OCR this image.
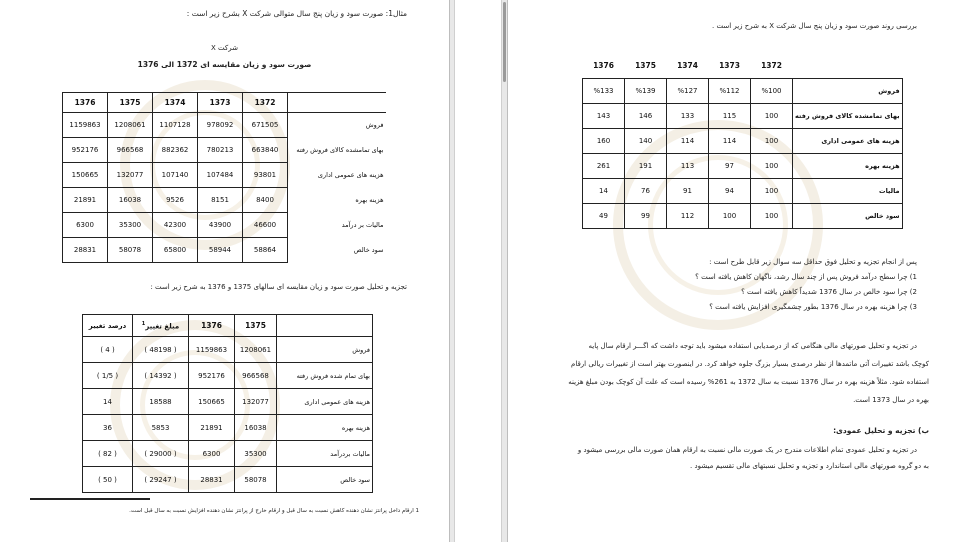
مثال1: صورت سود و زیان پنج سال متوالی شرکت X بشرح زیر است :
شرکت X
صورت سود و زیان مقایسه ای 1372 الی 1376
1376	1375	1374	1373	1372	
1159863	1208061	1107128	978092	671505	فروش
952176	966568	882362	780213	663840	بهای تمامشده کالای فروش رفته
150665	132077	107140	107484	93801	هزینه های عمومی اداری
21891	16038	9526	8151	8400	هزینه بهره
6300	35300	42300	43900	46600	مالیات بر درآمد
28831	58078	65800	58944	58864	سود خالص
تجزیه و تحلیل صورت سود و زیان مقایسه ای سالهای 1375 و 1376 به شرح زیر است :
درصد تغییر	مبلغ تغییر$^1$	1376	1375	
( 4 )	( 48198 )	1159863	1208061	فروش
( 1/5 )	( 14392 )	952176	966568	بهای تمام شده فروش رفته
14	18588	150665	132077	هزینه های عمومی اداری
36	5853	21891	16038	هزینه بهره
( 82 )	( 29000 )	6300	35300	مالیات بردرآمد
( 50 )	( 29247 )	28831	58078	سود خالص
1 ارقام داخل پرانتز نشان دهنده کاهش نسبت به سال قبل و ارقام خارج از پرانتز نشان دهنده افزایش نسبت به سال قبل است.
بررسی روند صورت سود و زیان پنج سال شرکت X به شرح زیر است .
1376	1375	1374	1373	1372	
%133	%139	%127	%112	%100	فروش
143	146	133	115	100	بهای تمامشده کالای فروش رفته
160	140	114	114	100	هزینه های عمومی اداری
261	191	113	97	100	هزینه بهره
14	76	91	94	100	مالیات
49	99	112	100	100	سود خالص
پس از انجام تجزیه و تحلیل فوق حداقل سه سوال زیر قابل طرح است :
1) چرا سطح درآمد فروش پس از چند سال رشد، ناگهان کاهش یافته است ؟
2) چرا سود خالص در سال 1376 شدیداً کاهش یافته است ؟
3) چرا هزینه بهره در سال 1376 بطور چشمگیری افزایش یافته است ؟
در تجزیه و تحلیل صورتهای مالی هنگامی که از درصدیابی استفاده میشود باید توجه داشت که اگـــر ارقام سال پایه
کوچک باشد تغییرات آتی ماتمدها از نظر درصدی بسیار بزرگ جلوه خواهد کرد. در اینصورت بهتر است از تغییرات ریالی ارقام
استفاده شود. مثلاً هزینه بهره در سال 1376 نسبت به سال 1372 به 261% رسیده است که علت آن کوچک بودن مبلغ هزینه
بهره در سال 1373 است.
ب) تجزیه و تحلیل عمودی:
در تجزیه و تحلیل عمودی تمام اطلاعات مندرج در یک صورت مالی نسبت به ارقام همان صورت مالی بررسی میشود و
به دو گروه صورتهای مالی استاندارد و تجزیه و تحلیل نسبتهای مالی تقسیم میشود .
